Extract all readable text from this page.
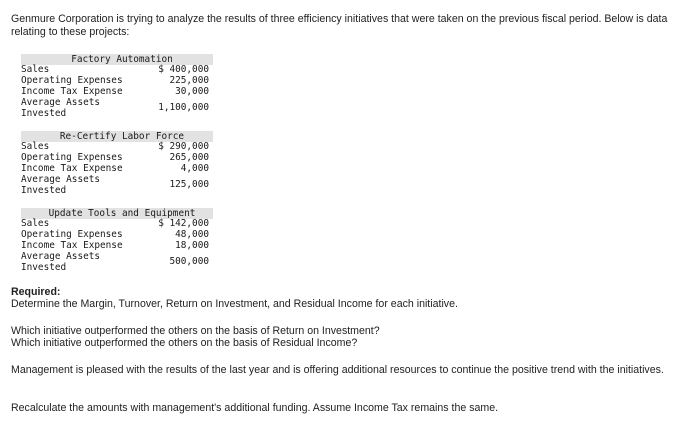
Genmure Corporation is trying to analyze the results of three efficiency initiatives that were taken on the previous fiscal period. Below is data relating to these projects:
Factory Automation
Sales	$ 400,000
Operating Expenses	225,000
Income Tax Expense	30,000
Average Assets
Invested	1,100,000
Re-Certify Labor Force
Sales	$ 290,000
Operating Expenses	265,000
Income Tax Expense	4,000
Average Assets
Invested	125,000
Update Tools and Equipment
Sales	$ 142,000
Operating Expenses	48,000
Income Tax Expense	18,000
Average Assets
Invested	500,000
Required:
Determine the Margin, Turnover, Return on Investment, and Residual Income for each initiative.
Which initiative outperformed the others on the basis of Return on Investment?
Which initiative outperformed the others on the basis of Residual Income?
Management is pleased with the results of the last year and is offering additional resources to continue the positive trend with the initiatives.
Recalculate the amounts with management's additional funding. Assume Income Tax remains the same.
